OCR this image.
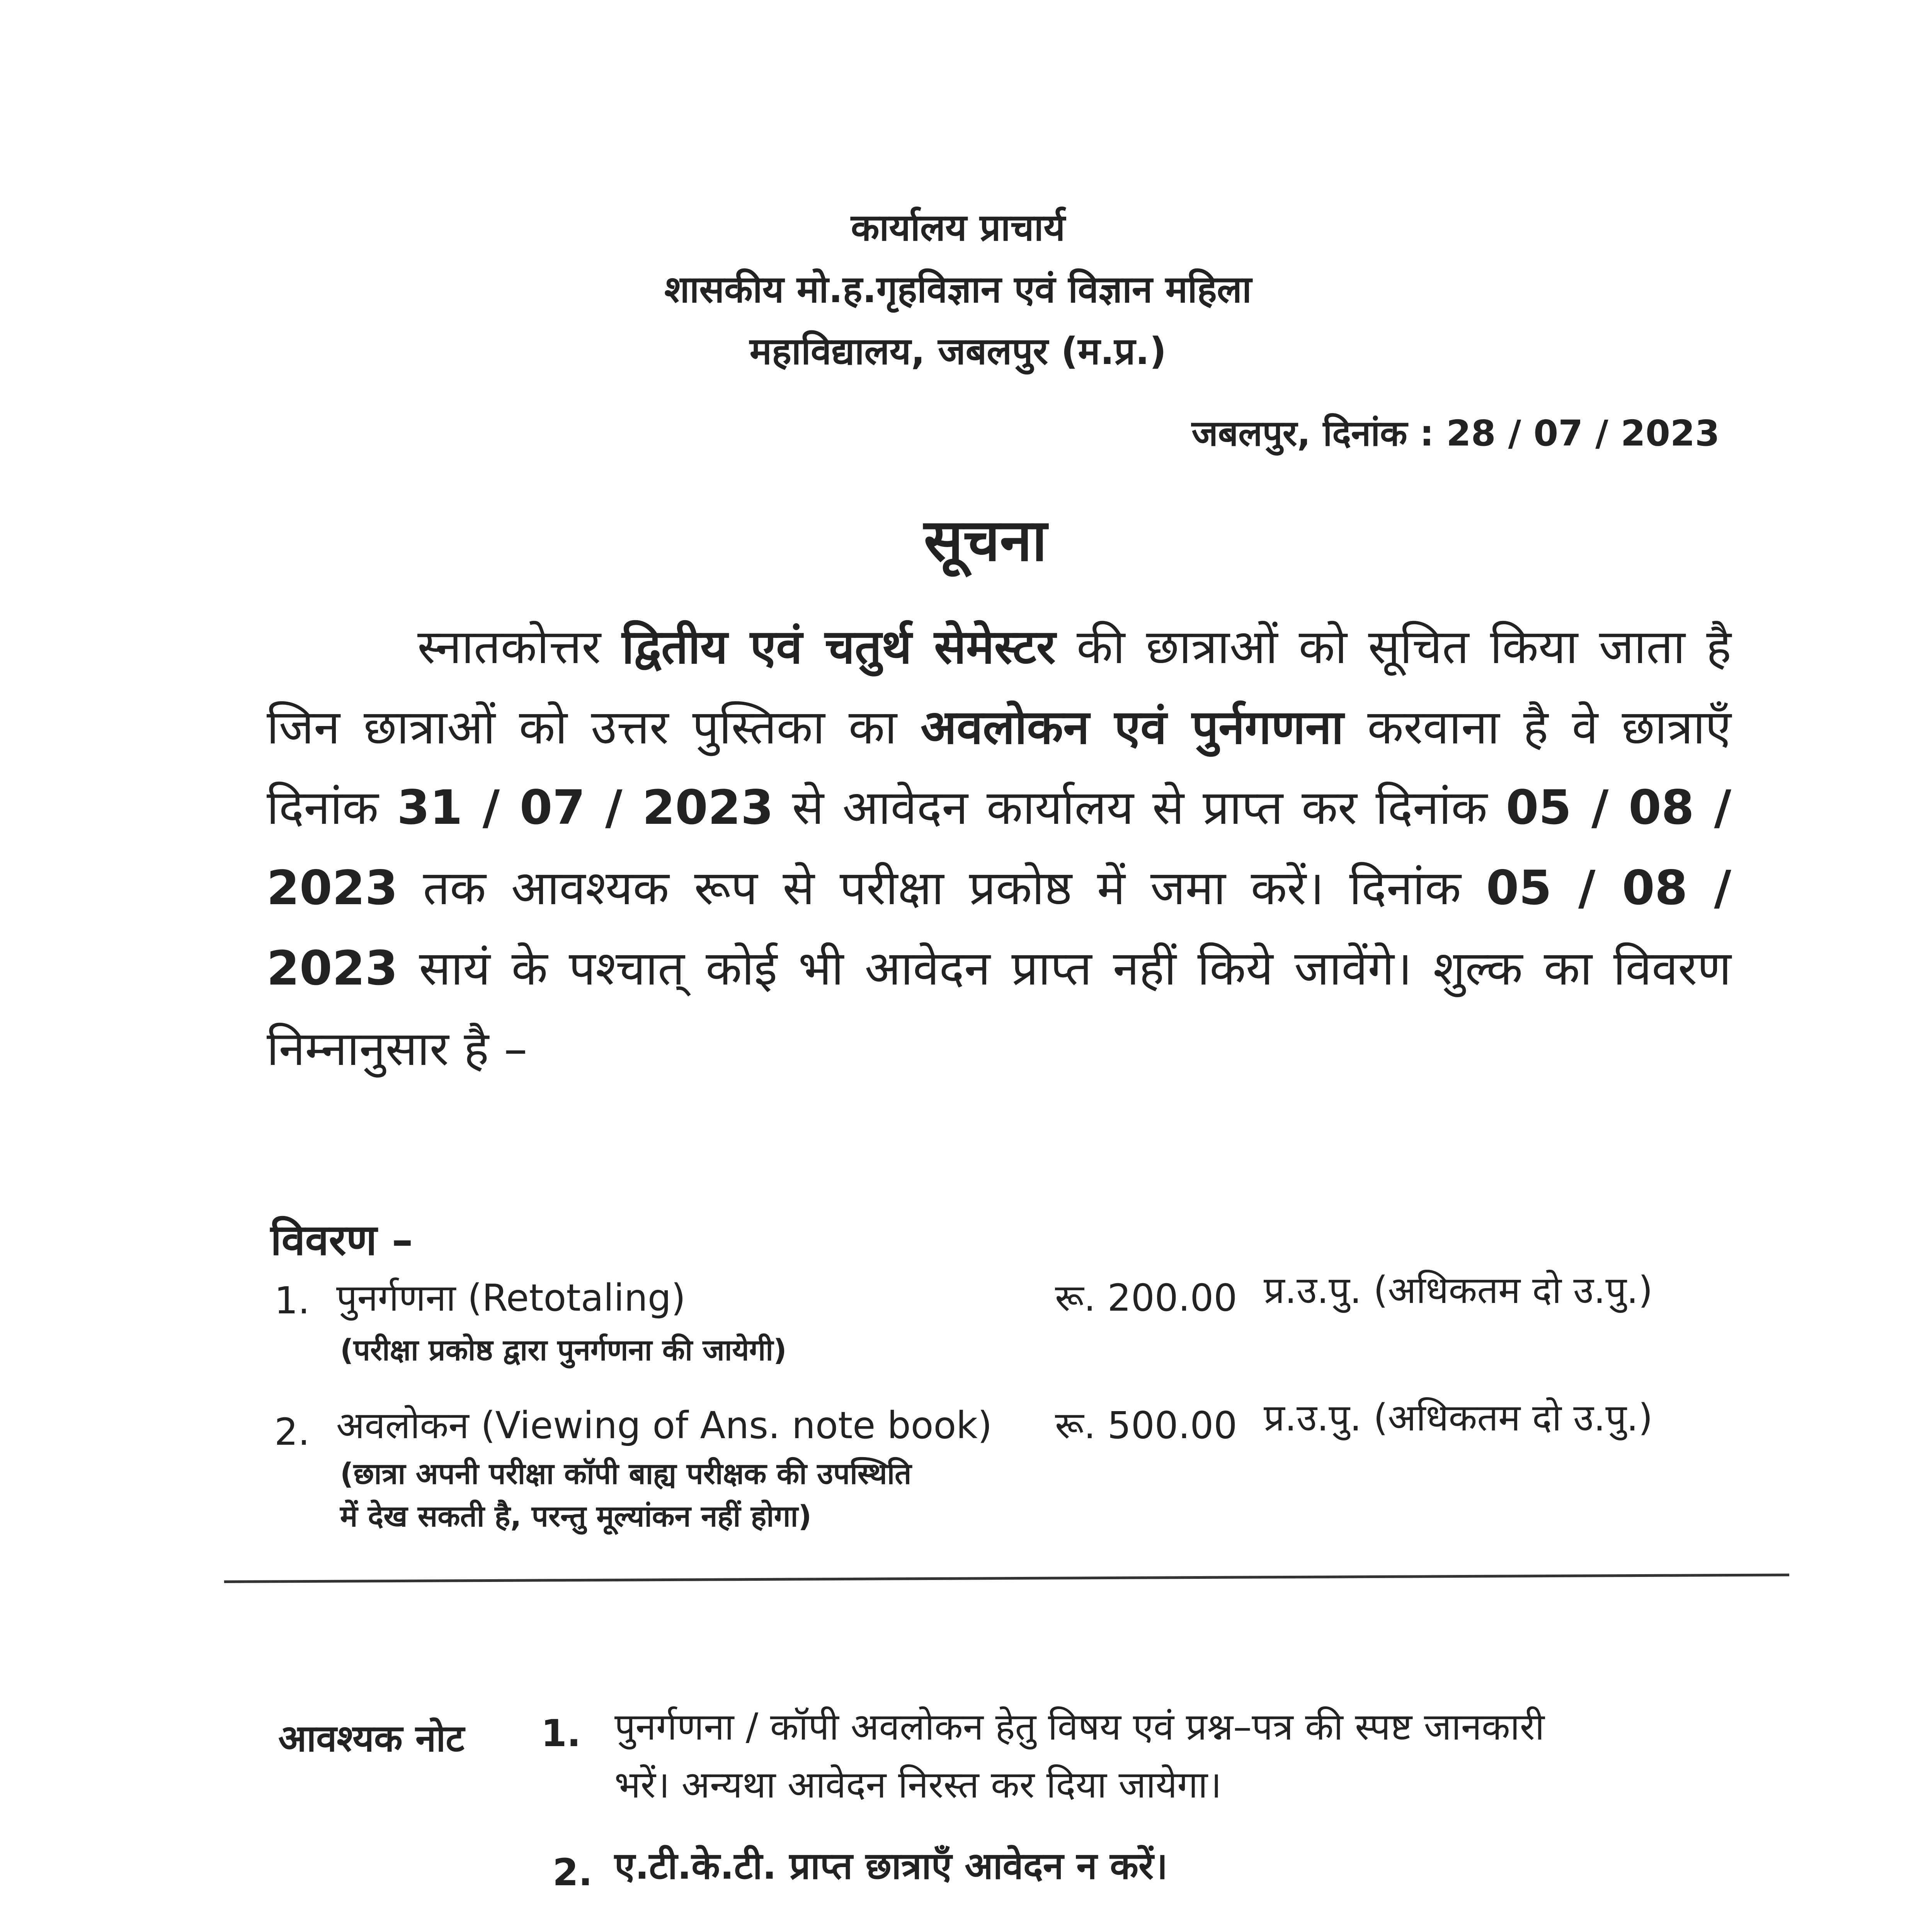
कार्यालय प्राचार्य
शासकीय मो.ह.गृहविज्ञान एवं विज्ञान महिला
महाविद्यालय, जबलपुर (म.प्र.)
जबलपुर, दिनांक : 28 / 07 / 2023
सूचना
स्नातकोत्तर द्वितीय एवं चतुर्थ सेमेस्टर की छात्राओं को सूचित किया जाता है जिन छात्राओं को उत्तर पुस्तिका का अवलोकन एवं पुर्नगणना करवाना है वे छात्राएँ दिनांक 31 / 07 / 2023 से आवेदन कार्यालय से प्राप्त कर दिनांक 05 / 08 / 2023 तक आवश्यक रूप से परीक्षा प्रकोष्ठ में जमा करें। दिनांक 05 / 08 / 2023 सायं के पश्चात् कोई भी आवेदन प्राप्त नहीं किये जावेंगे। शुल्क का विवरण निम्नानुसार है –
विवरण –
1. पुनर्गणना (Retotaling)
(परीक्षा प्रकोष्ठ द्वारा पुनर्गणना की जायेगी)
रू. 200.00 प्र.उ.पु. (अधिकतम दो उ.पु.)
2. अवलोकन (Viewing of Ans. note book)
(छात्रा अपनी परीक्षा कॉपी बाह्य परीक्षक की उपस्थिति
में देख सकती है, परन्तु मूल्यांकन नहीं होगा)
रू. 500.00 प्र.उ.पु. (अधिकतम दो उ.पु.)
आवश्यक नोट 1. पुनर्गणना / कॉपी अवलोकन हेतु विषय एवं प्रश्न–पत्र की स्पष्ट जानकारी
भरें। अन्यथा आवेदन निरस्त कर दिया जायेगा।
2. ए.टी.के.टी. प्राप्त छात्राएँ आवेदन न करें।
